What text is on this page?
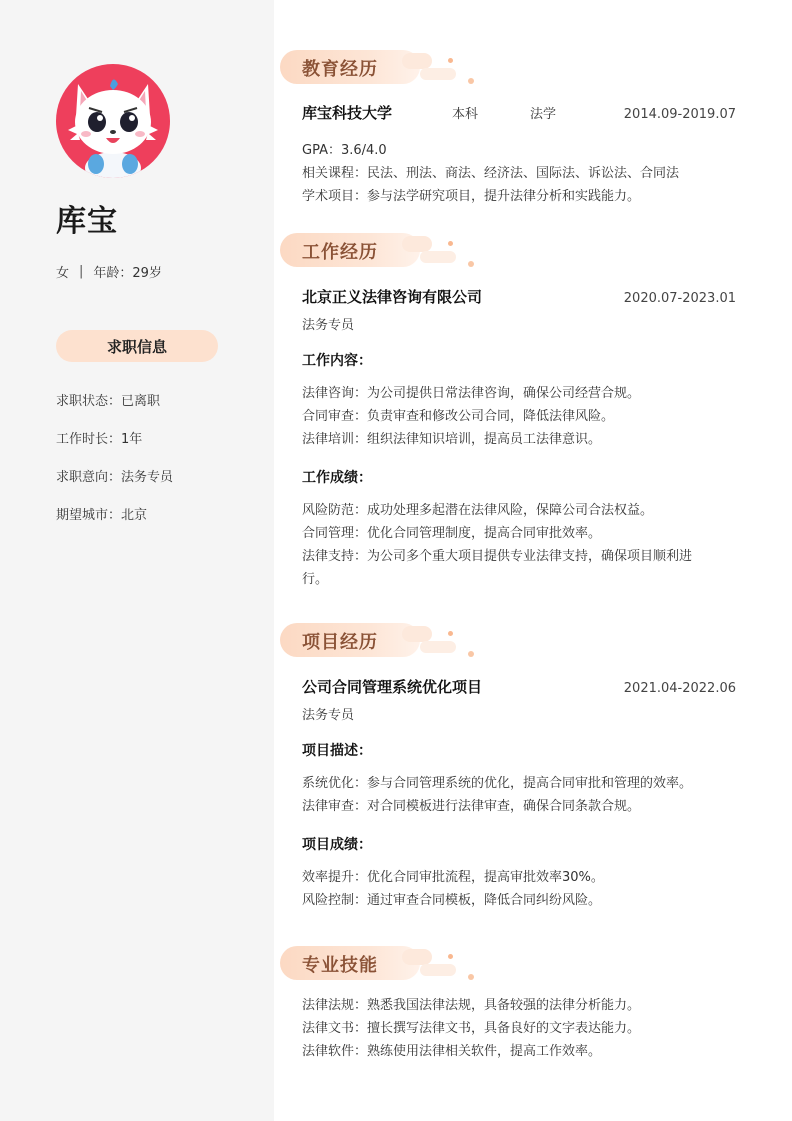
库宝
女 | 年龄：29岁
求职信息
求职状态：已离职
工作时长：1年
求职意向：法务专员
期望城市：北京
教育经历
库宝科技大学	本科	法学	2014.09-2019.07
GPA：3.6/4.0
相关课程：民法、刑法、商法、经济法、国际法、诉讼法、合同法
学术项目：参与法学研究项目，提升法律分析和实践能力。
工作经历
北京正义法律咨询有限公司	2020.07-2023.01
法务专员
工作内容：
法律咨询：为公司提供日常法律咨询，确保公司经营合规。
合同审查：负责审查和修改公司合同，降低法律风险。
法律培训：组织法律知识培训，提高员工法律意识。
工作成绩：
风险防范：成功处理多起潜在法律风险，保障公司合法权益。
合同管理：优化合同管理制度，提高合同审批效率。
法律支持：为公司多个重大项目提供专业法律支持，确保项目顺利进
行。
项目经历
公司合同管理系统优化项目	2021.04-2022.06
法务专员
项目描述：
系统优化：参与合同管理系统的优化，提高合同审批和管理的效率。
法律审查：对合同模板进行法律审查，确保合同条款合规。
项目成绩：
效率提升：优化合同审批流程，提高审批效率30%。
风险控制：通过审查合同模板，降低合同纠纷风险。
专业技能
法律法规：熟悉我国法律法规，具备较强的法律分析能力。
法律文书：擅长撰写法律文书，具备良好的文字表达能力。
法律软件：熟练使用法律相关软件，提高工作效率。
